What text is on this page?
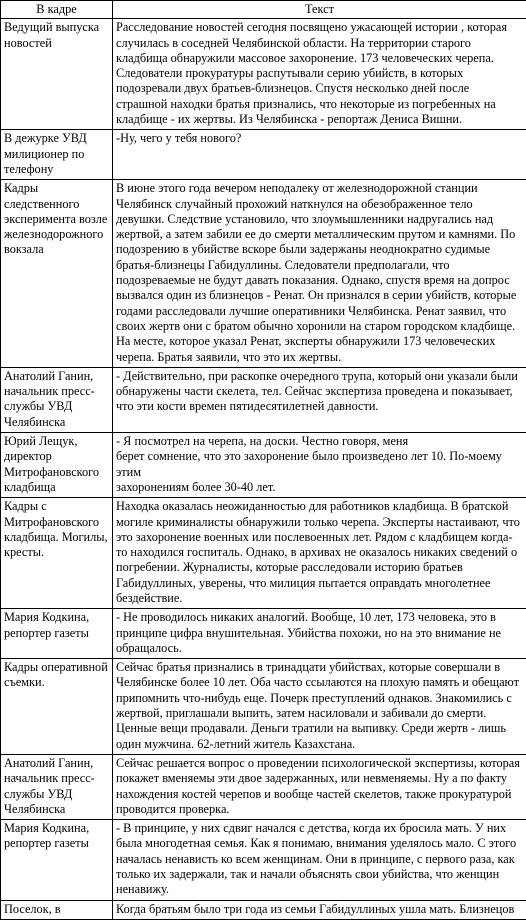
В кадре	Текст
Ведущий выпуска новостей	Расследование новостей сегодня посвящено ужасающей истории , которая случилась в соседней Челябинской области. На территории старого кладбища обнаружили массовое захоронение. 173 человеческих черепа. Следователи прокуратуры распутывали серию убийств, в которых подозревали двух братьев-близнецов. Спустя несколько дней после страшной находки братья признались, что некоторые из погребенных на кладбище - их жертвы. Из Челябинска - репортаж Дениса Вишни.
В дежурке УВД милиционер по телефону	-Ну, чего у тебя нового?
Кадры следственного эксперимента возле железнодорожного вокзала	В июне этого года вечером неподалеку от железнодорожной станции Челябинск случайный прохожий наткнулся на обезображенное тело девушки. Следствие установило, что злоумышленники надругались над жертвой, а затем забили ее до смерти металлическим прутом и камнями. По подозрению в убийстве вскоре были задержаны неоднократно судимые братья-близнецы Габидуллины. Следователи предполагали, что подозреваемые не будут давать показания. Однако, спустя время на допрос вызвался один из близнецов - Ренат. Он признался в серии убийств, которые годами расследовали лучшие оперативники Челябинска. Ренат заявил, что своих жертв они с братом обычно хоронили на старом городском кладбище. На месте, которое указал Ренат, эксперты обнаружили 173 человеческих черепа. Братья заявили, что это их жертвы.
Анатолий Ганин, начальник пресс-службы УВД Челябинска	- Действительно, при раскопке очередного трупа, который они указали были обнаружены части скелета, тел. Сейчас экспертиза проведена и показывает, что эти кости времен пятидесятилетней давности.
Юрий Лещук, директор Митрофановского кладбища	- Я посмотрел на черепа, на доски. Честно говоря, меня
берет сомнение, что это захоронение было произведено лет 10. По-моему этим
захоронениям более 30-40 лет.
Кадры с Митрофановского кладбища. Могилы, кресты.	Находка оказалась неожиданностью для работников кладбища. В братской могиле криминалисты обнаружили только черепа. Эксперты настаивают, что это захоронение военных или послевоенных лет. Рядом с кладбищем когда-то находился госпиталь. Однако, в архивах не оказалось никаких сведений о погребении. Журналисты, которые расследовали историю братьев Габидуллиных, уверены, что милиция пытается оправдать многолетнее бездействие.
Мария Кодкина, репортер газеты	- Не проводилось никаких аналогий. Вообще, 10 лет, 173 человека, это в принципе цифра внушительная. Убийства похожи, но на это внимание не обращалось.
Кадры оперативной съемки.	Сейчас братья признались в тринадцати убийствах, которые совершали в Челябинске более 10 лет. Оба часто ссылаются на плохую память и обещают припомнить что-нибудь еще. Почерк преступлений однаков. Знакомились с жертвой, приглашали выпить, затем насиловали и забивали до смерти. Ценные вещи продавали. Деньги тратили на выпивку. Среди жертв - лишь один мужчина. 62-летний житель Казахстана.
Анатолий Ганин, начальник пресс-службы УВД Челябинска	Сейчас решается вопрос о проведении психологической экспертизы, которая покажет вменяемы эти двое задержанных, или невменяемы. Ну а по факту нахождения костей черепов и вообще частей скелетов, также прокуратурой проводится проверка.
Мария Кодкина, репортер газеты	- В принципе, у них сдвиг начался с детства, когда их бросила мать. У них была многодетная семья. Как я понимаю, внимания уделялось мало. С этого началась ненависть ко всем женщинам. Они в принципе, с первого раза, как только их задержали, так и начали объяснять свои убийства, что женщин ненавижу.
Поселок, в	Когда братьям было три года из семьи Габидуллиных ушла мать. Близнецов
